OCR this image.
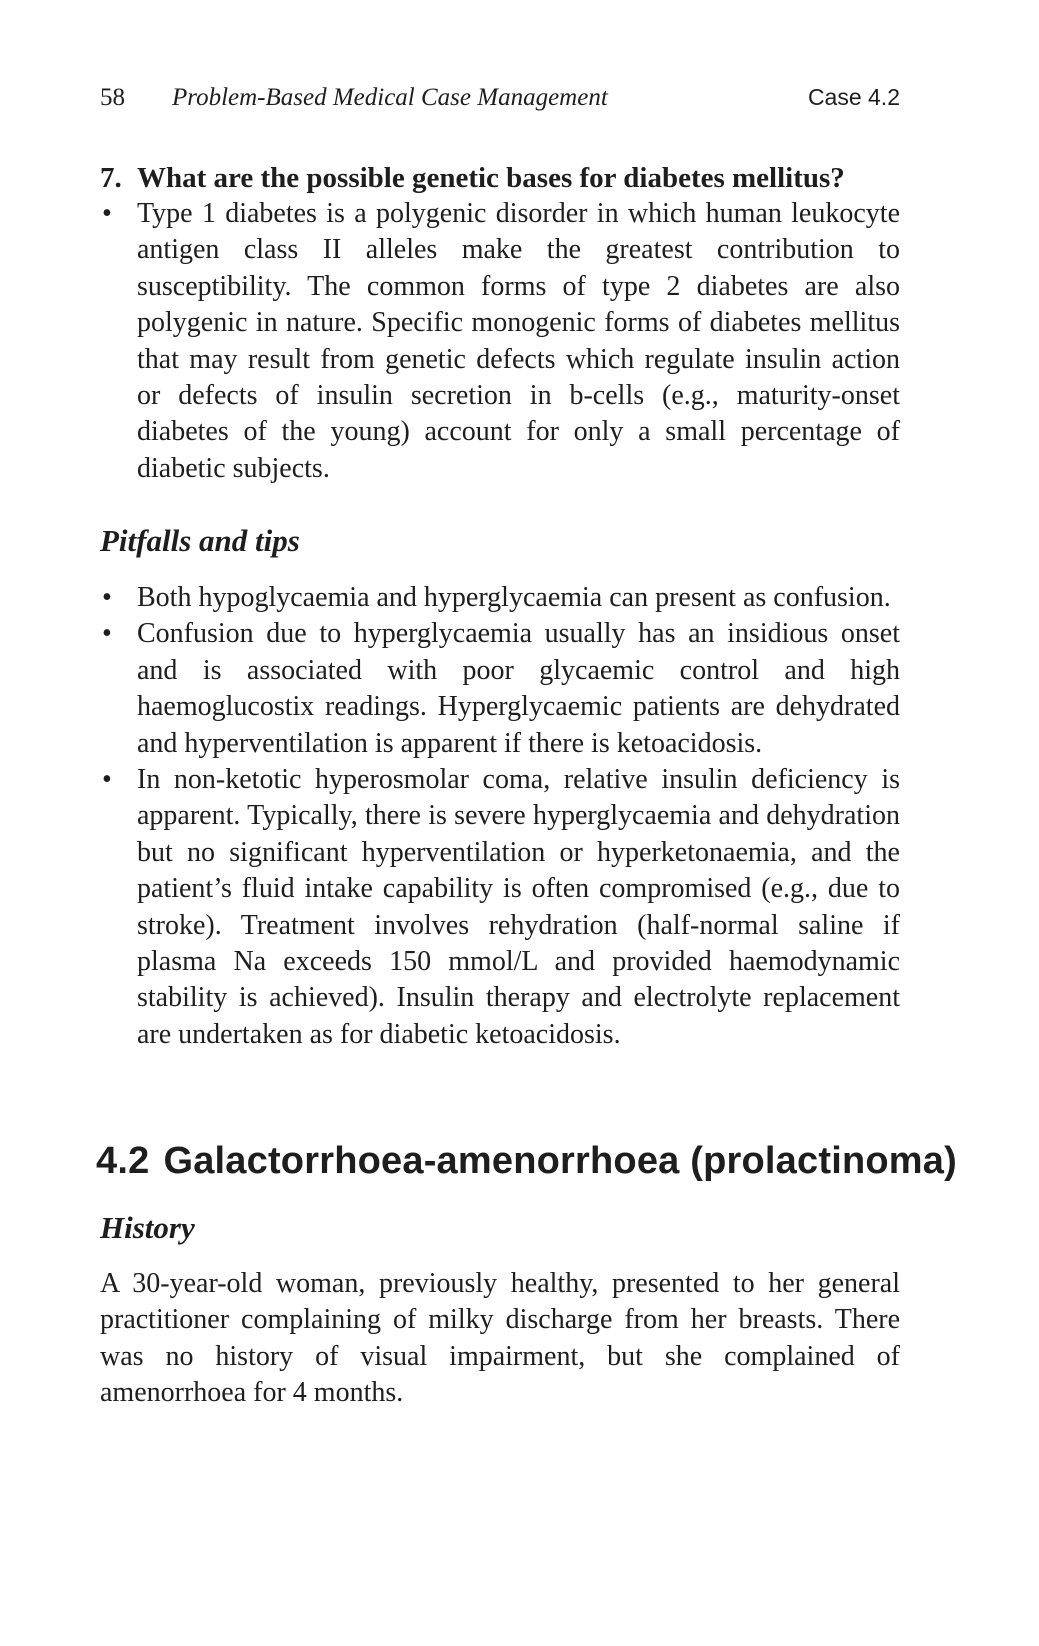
58 Problem-Based Medical Case Management	Case 4.2
7. What are the possible genetic bases for diabetes mellitus?
• Type 1 diabetes is a polygenic disorder in which human leukocyte antigen class II alleles make the greatest contribution to susceptibility. The common forms of type 2 diabetes are also polygenic in nature. Specific monogenic forms of diabetes mellitus that may result from genetic defects which regulate insulin action or defects of insulin secretion in b-cells (e.g., maturity-onset diabetes of the young) account for only a small percentage of diabetic subjects.
Pitfalls and tips
• Both hypoglycaemia and hyperglycaemia can present as confusion.
• Confusion due to hyperglycaemia usually has an insidious onset and is associated with poor glycaemic control and high haemoglucostix readings. Hyperglycaemic patients are dehydrated and hyperventilation is apparent if there is ketoacidosis.
• In non-ketotic hyperosmolar coma, relative insulin deficiency is apparent. Typically, there is severe hyperglycaemia and dehydration but no significant hyperventilation or hyperketonaemia, and the patient’s fluid intake capability is often compromised (e.g., due to stroke). Treatment involves rehydration (half-normal saline if plasma Na exceeds 150 mmol/L and provided haemodynamic stability is achieved). Insulin therapy and electrolyte replacement are undertaken as for diabetic ketoacidosis.
4.2 Galactorrhoea-amenorrhoea (prolactinoma)
History
A 30-year-old woman, previously healthy, presented to her general practitioner complaining of milky discharge from her breasts. There was no history of visual impairment, but she complained of amenorrhoea for 4 months.
